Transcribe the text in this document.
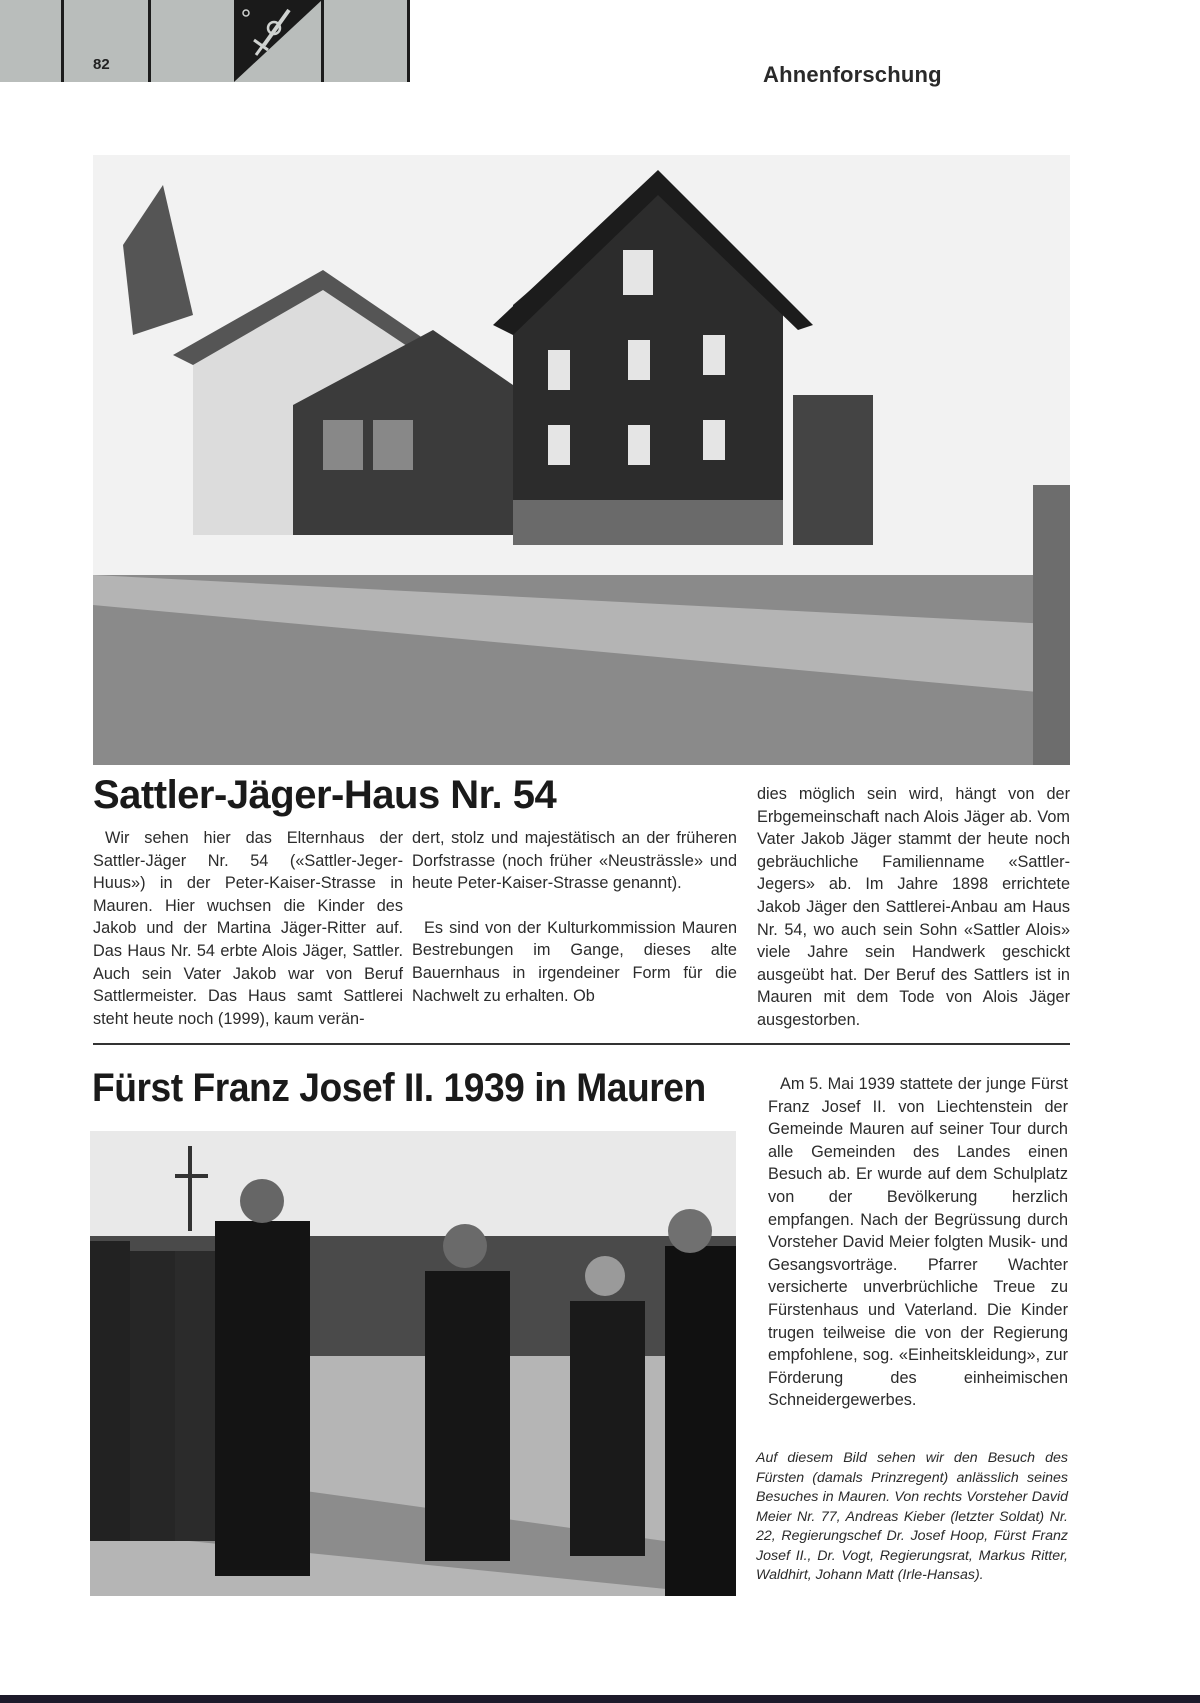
82	Ahnenforschung
Sattler-Jäger-Haus Nr. 54

Wir sehen hier das Elternhaus der Sattler-Jäger Nr. 54 («Sattler-Jeger-Huus») in der Peter-Kaiser-Strasse in Mauren. Hier wuchsen die Kinder des Jakob und der Martina Jäger-Ritter auf. Das Haus Nr. 54 erbte Alois Jäger, Sattler. Auch sein Vater Jakob war von Beruf Sattlermeister. Das Haus samt Sattlerei steht heute noch (1999), kaum verän-

dert, stolz und majestätisch an der früheren Dorfstrasse (noch früher «Neusträssle» und heute Peter-Kaiser-Strasse genannt).

Es sind von der Kulturkommission Mauren Bestrebungen im Gange, dieses alte Bauernhaus in irgendeiner Form für die Nachwelt zu erhalten. Ob

dies möglich sein wird, hängt von der Erbgemeinschaft nach Alois Jäger ab. Vom Vater Jakob Jäger stammt der heute noch gebräuchliche Familienname «Sattler-Jegers» ab. Im Jahre 1898 errichtete Jakob Jäger den Sattlerei-Anbau am Haus Nr. 54, wo auch sein Sohn «Sattler Alois» viele Jahre sein Handwerk geschickt ausgeübt hat. Der Beruf des Sattlers ist in Mauren mit dem Tode von Alois Jäger ausgestorben.

Fürst Franz Josef II. 1939 in Mauren	Am 5. Mai 1939 stattete der junge Fürst Franz Josef II. von Liechtenstein der Gemeinde Mauren auf seiner Tour durch alle Gemeinden des Landes einen Besuch ab. Er wurde auf dem Schulplatz von der Bevölkerung herzlich empfangen. Nach der Begrüssung durch Vorsteher David Meier folgten Musik- und Gesangsvorträge. Pfarrer Wachter versicherte unverbrüchliche Treue zu Fürstenhaus und Vaterland. Die Kinder trugen teilweise die von der Regierung empfohlene, sog. «Einheitskleidung», zur Förderung des einheimischen Schneidergewerbes.

Auf diesem Bild sehen wir den Besuch des Fürsten (damals Prinzregent) anlässlich seines Besuches in Mauren. Von rechts Vorsteher David Meier Nr. 77, Andreas Kieber (letzter Soldat) Nr. 22, Regierungschef Dr. Josef Hoop, Fürst Franz Josef II., Dr. Vogt, Regierungsrat, Markus Ritter, Waldhirt, Johann Matt (Irle-Hansas).
